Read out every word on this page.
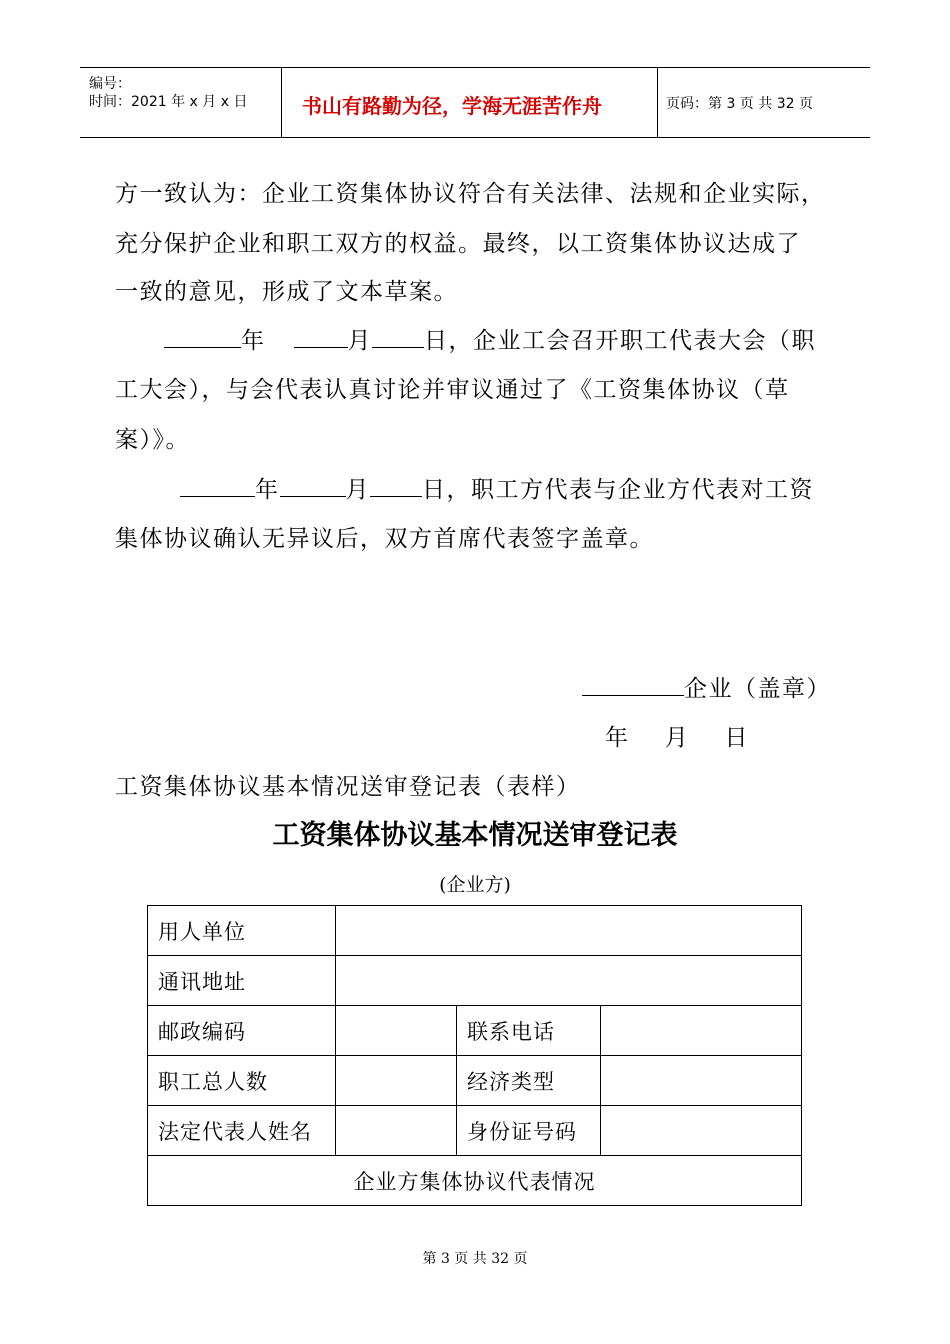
编号：
时间：2021 年 x 月 x 日	书山有路勤为径，学海无涯苦作舟	页码：第 3 页 共 32 页
方一致认为：企业工资集体协议符合有关法律、法规和企业实际，
充分保护企业和职工双方的权益。最终，以工资集体协议达成了
一致的意见，形成了文本草案。
年	月 日，企业工会召开职工代表大会（职
工大会），与会代表认真讨论并审议通过了《工资集体协议（草
案）》。
年	月 日，职工方代表与企业方代表对工资
集体协议确认无异议后，双方首席代表签字盖章。
企业（盖章）
年    月    日
工资集体协议基本情况送审登记表（表样）
工资集体协议基本情况送审登记表
(企业方)
用人单位			
通讯地址			
邮政编码		联系电话	
职工总人数		经济类型	
法定代表人姓名		身份证号码	
企业方集体协议代表情况			
第 3 页 共 32 页
